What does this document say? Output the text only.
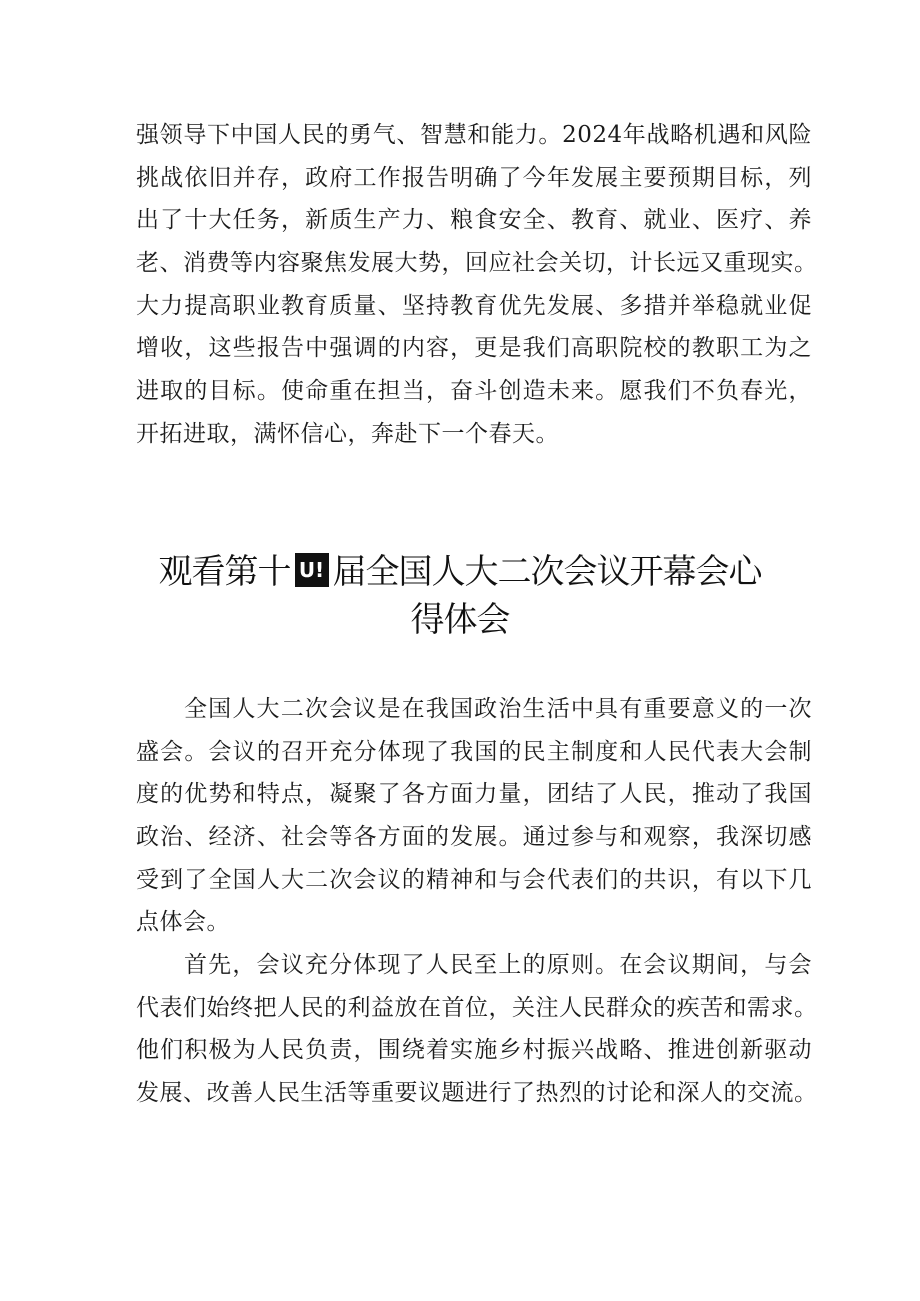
强领导下中国人民的勇气、智慧和能力。2024年战略机遇和风险
挑战依旧并存，政府工作报告明确了今年发展主要预期目标，列
出了十大任务，新质生产力、粮食安全、教育、就业、医疗、养
老、消费等内容聚焦发展大势，回应社会关切，计长远又重现实。
大力提高职业教育质量、坚持教育优先发展、多措并举稳就业促
增收，这些报告中强调的内容，更是我们高职院校的教职工为之
进取的目标。使命重在担当，奋斗创造未来。愿我们不负春光，
开拓进取，满怀信心，奔赴下一个春天。
观看第十 U! 届全国人大二次会议开幕会心
得体会
全国人大二次会议是在我国政治生活中具有重要意义的一次
盛会。会议的召开充分体现了我国的民主制度和人民代表大会制
度的优势和特点，凝聚了各方面力量，团结了人民，推动了我国
政治、经济、社会等各方面的发展。通过参与和观察，我深切感
受到了全国人大二次会议的精神和与会代表们的共识，有以下几
点体会。
首先，会议充分体现了人民至上的原则。在会议期间，与会
代表们始终把人民的利益放在首位，关注人民群众的疾苦和需求。
他们积极为人民负责，围绕着实施乡村振兴战略、推进创新驱动
发展、改善人民生活等重要议题进行了热烈的讨论和深人的交流。
